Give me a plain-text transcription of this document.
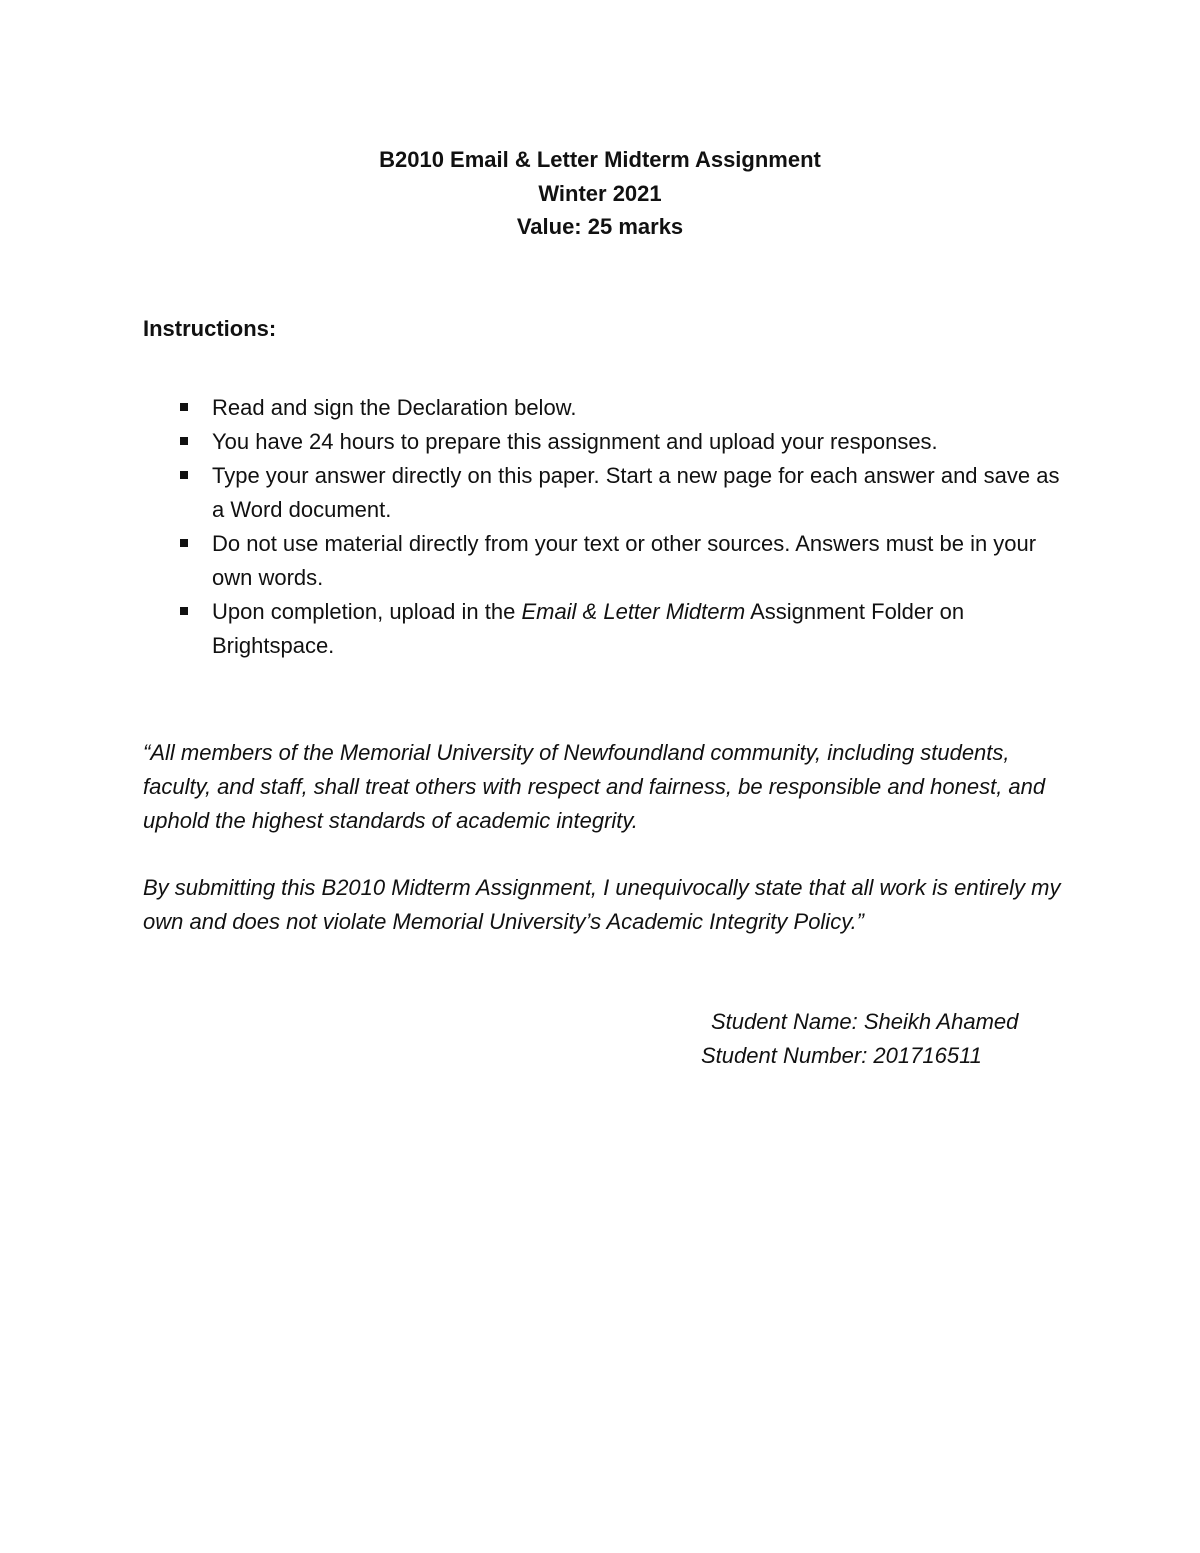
B2010 Email & Letter Midterm Assignment
Winter 2021
Value: 25 marks
Instructions:
Read and sign the Declaration below.
You have 24 hours to prepare this assignment and upload your responses.
Type your answer directly on this paper. Start a new page for each answer and save as a Word document.
Do not use material directly from your text or other sources. Answers must be in your own words.
Upon completion, upload in the Email & Letter Midterm Assignment Folder on Brightspace.

“All members of the Memorial University of Newfoundland community, including students, faculty, and staff, shall treat others with respect and fairness, be responsible and honest, and uphold the highest standards of academic integrity.

By submitting this B2010 Midterm Assignment, I unequivocally state that all work is entirely my own and does not violate Memorial University’s Academic Integrity Policy.”

Student Name: Sheikh Ahamed
Student Number: 201716511
